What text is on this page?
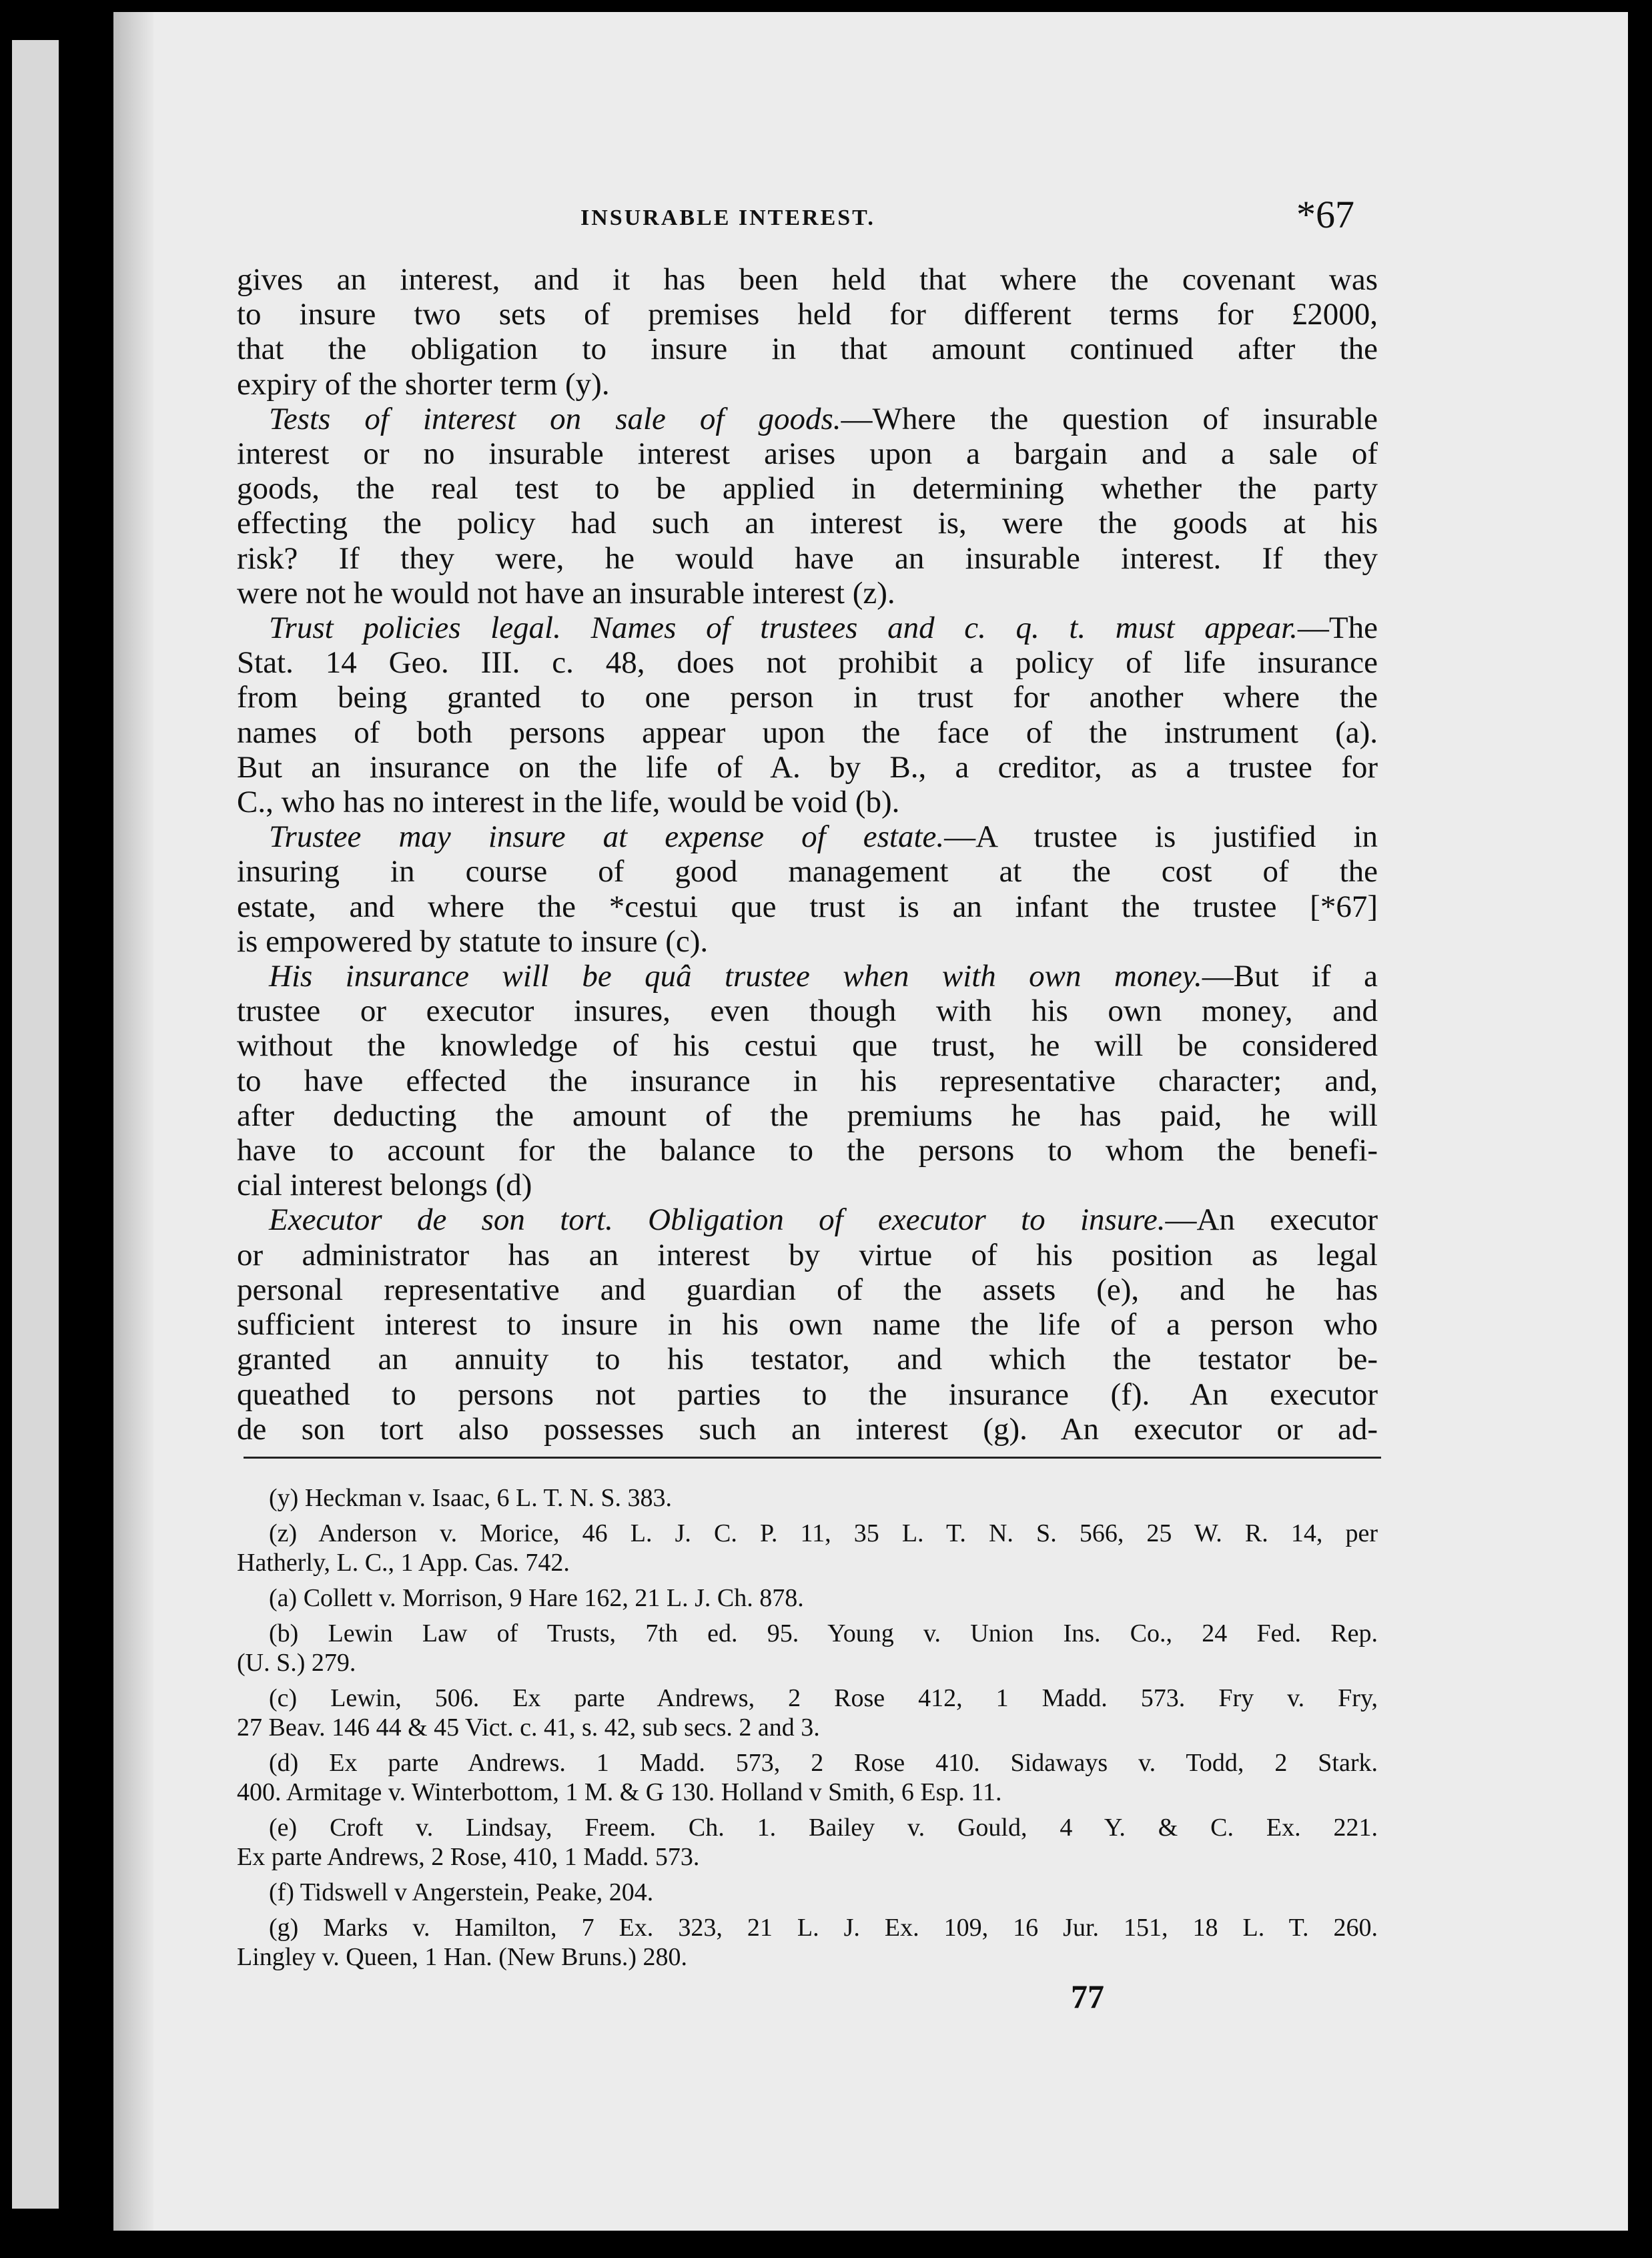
INSURABLE INTEREST.	*67
gives an interest, and it has been held that where the covenant was
to insure two sets of premises held for different terms for £2000,
that the obligation to insure in that amount continued after the
expiry of the shorter term (y).
Tests of interest on sale of goods.—Where the question of insurable
interest or no insurable interest arises upon a bargain and a sale of
goods, the real test to be applied in determining whether the party
effecting the policy had such an interest is, were the goods at his
risk? If they were, he would have an insurable interest. If they
were not he would not have an insurable interest (z).
Trust policies legal. Names of trustees and c. q. t. must appear.—The
Stat. 14 Geo. III. c. 48, does not prohibit a policy of life insurance
from being granted to one person in trust for another where the
names of both persons appear upon the face of the instrument (a).
But an insurance on the life of A. by B., a creditor, as a trustee for
C., who has no interest in the life, would be void (b).
Trustee may insure at expense of estate.—A trustee is justified in
insuring in course of good management at the cost of the
estate, and where the *cestui que trust is an infant the trustee [*67]
is empowered by statute to insure (c).
His insurance will be quâ trustee when with own money.—But if a
trustee or executor insures, even though with his own money, and
without the knowledge of his cestui que trust, he will be considered
to have effected the insurance in his representative character; and,
after deducting the amount of the premiums he has paid, he will
have to account for the balance to the persons to whom the benefi-
cial interest belongs (d)
Executor de son tort. Obligation of executor to insure.—An executor
or administrator has an interest by virtue of his position as legal
personal representative and guardian of the assets (e), and he has
sufficient interest to insure in his own name the life of a person who
granted an annuity to his testator, and which the testator be-
queathed to persons not parties to the insurance (f). An executor
de son tort also possesses such an interest (g). An executor or ad-
(y) Heckman v. Isaac, 6 L. T. N. S. 383.
(z) Anderson v. Morice, 46 L. J. C. P. 11, 35 L. T. N. S. 566, 25 W. R. 14, per
Hatherly, L. C., 1 App. Cas. 742.
(a) Collett v. Morrison, 9 Hare 162, 21 L. J. Ch. 878.
(b) Lewin Law of Trusts, 7th ed. 95. Young v. Union Ins. Co., 24 Fed. Rep.
(U. S.) 279.
(c) Lewin, 506. Ex parte Andrews, 2 Rose 412, 1 Madd. 573. Fry v. Fry,
27 Beav. 146 44 & 45 Vict. c. 41, s. 42, sub secs. 2 and 3.
(d) Ex parte Andrews. 1 Madd. 573, 2 Rose 410. Sidaways v. Todd, 2 Stark.
400. Armitage v. Winterbottom, 1 M. & G 130. Holland v Smith, 6 Esp. 11.
(e) Croft v. Lindsay, Freem. Ch. 1. Bailey v. Gould, 4 Y. & C. Ex. 221.
Ex parte Andrews, 2 Rose, 410, 1 Madd. 573.
(f) Tidswell v Angerstein, Peake, 204.
(g) Marks v. Hamilton, 7 Ex. 323, 21 L. J. Ex. 109, 16 Jur. 151, 18 L. T. 260.
Lingley v. Queen, 1 Han. (New Bruns.) 280.
77
